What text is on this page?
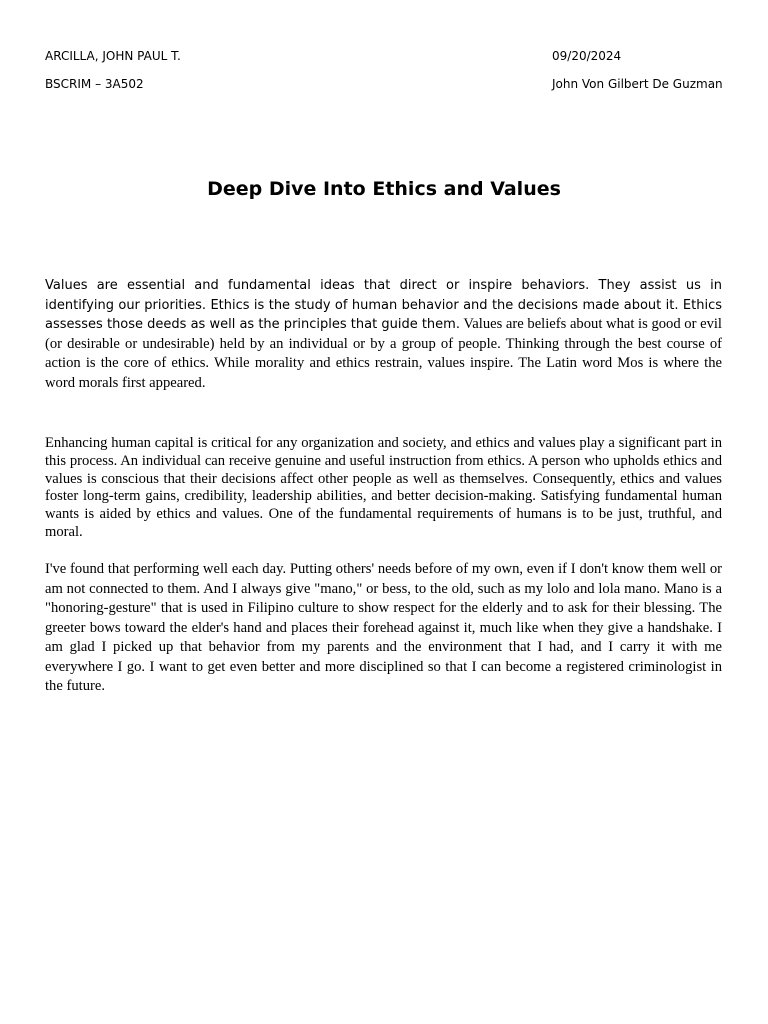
ARCILLA, JOHN PAUL T.
BSCRIM – 3A502
09/20/2024
John Von Gilbert De Guzman
Deep Dive Into Ethics and Values

Values are essential and fundamental ideas that direct or inspire behaviors. They assist us in identifying our priorities. Ethics is the study of human behavior and the decisions made about it. Ethics assesses those deeds as well as the principles that guide them. Values are beliefs about what is good or evil (or desirable or undesirable) held by an individual or by a group of people. Thinking through the best course of action is the core of ethics. While morality and ethics restrain, values inspire. The Latin word Mos is where the word morals first appeared.

Enhancing human capital is critical for any organization and society, and ethics and values play a significant part in this process. An individual can receive genuine and useful instruction from ethics. A person who upholds ethics and values is conscious that their decisions affect other people as well as themselves. Consequently, ethics and values foster long-term gains, credibility, leadership abilities, and better decision-making. Satisfying fundamental human wants is aided by ethics and values. One of the fundamental requirements of humans is to be just, truthful, and moral.

I've found that performing well each day. Putting others' needs before of my own, even if I don't know them well or am not connected to them. And I always give "mano," or bess, to the old, such as my lolo and lola mano. Mano is a "honoring-gesture" that is used in Filipino culture to show respect for the elderly and to ask for their blessing. The greeter bows toward the elder's hand and places their forehead against it, much like when they give a handshake. I am glad I picked up that behavior from my parents and the environment that I had, and I carry it with me everywhere I go. I want to get even better and more disciplined so that I can become a registered criminologist in the future.
